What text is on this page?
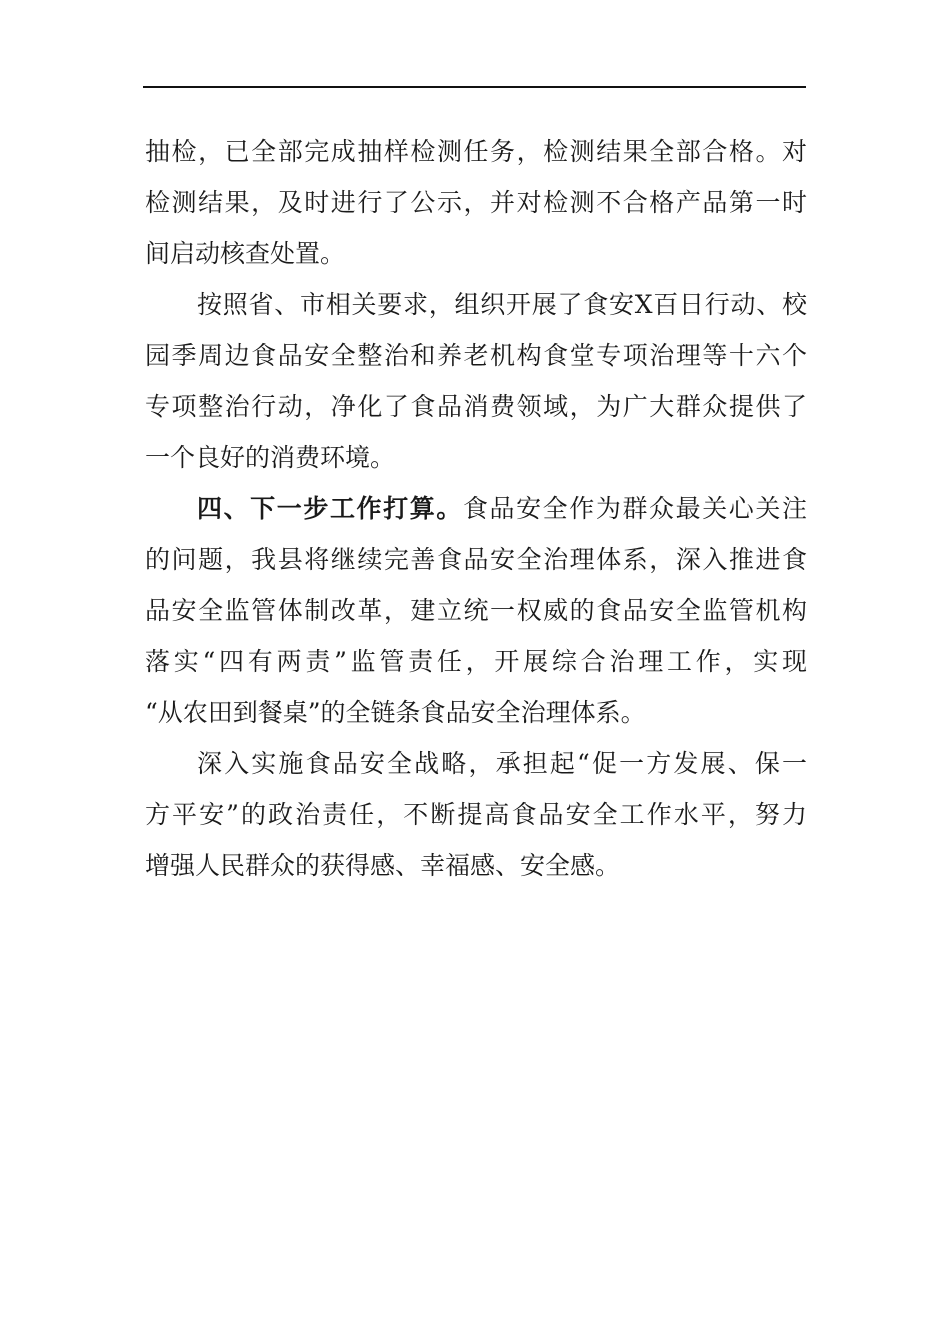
抽检，已全部完成抽样检测任务，检测结果全部合格。对
检测结果，及时进行了公示，并对检测不合格产品第一时
间启动核查处置。
按照省、市相关要求，组织开展了食安X百日行动、校
园季周边食品安全整治和养老机构食堂专项治理等十六个
专项整治行动，净化了食品消费领域，为广大群众提供了
一个良好的消费环境。
四、下一步工作打算。食品安全作为群众最关心关注
的问题，我县将继续完善食品安全治理体系，深入推进食
品安全监管体制改革，建立统一权威的食品安全监管机构
落实“四有两责”监管责任，开展综合治理工作，实现
“从农田到餐桌”的全链条食品安全治理体系。
深入实施食品安全战略，承担起“促一方发展、保一
方平安”的政治责任，不断提高食品安全工作水平，努力
增强人民群众的获得感、幸福感、安全感。
